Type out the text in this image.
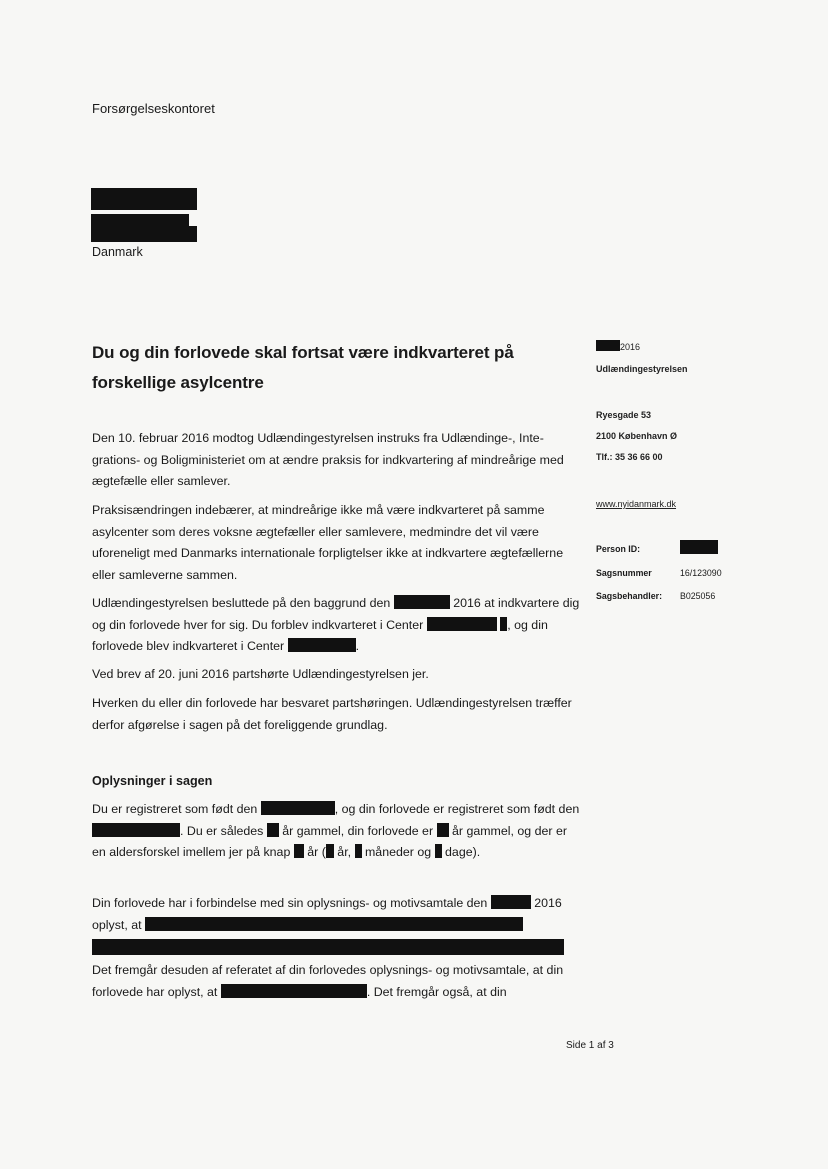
Forsørgelseskontoret
Danmark
Du og din forlovede skal fortsat være indkvarteret på forskellige asylcentre
2016
Udlændingestyrelsen
Ryesgade 53
2100 København Ø
Tlf.: 35 36 66 00
www.nyidanmark.dk
Person ID:
Sagsnummer	16/123090
Sagsbehandler: B025056

Den 10. februar 2016 modtog Udlændingestyrelsen instruks fra Udlændinge-, Integrations- og Boligministeriet om at ændre praksis for indkvartering af mindreårige med ægtefælle eller samlever.

Praksisændringen indebærer, at mindreårige ikke må være indkvarteret på samme asylcenter som deres voksne ægtefæller eller samlevere, medmindre det vil være uforeneligt med Danmarks internationale forpligtelser ikke at indkvartere ægtefællerne eller samleverne sammen.

Udlændingestyrelsen besluttede på den baggrund den	2016 at indkvartere dig og din forlovede hver for sig. Du forblev indkvarteret i Center	, og din forlovede blev indkvarteret i Center	.

Ved brev af 20. juni 2016 partshørte Udlændingestyrelsen jer.

Hverken du eller din forlovede har besvaret partshøringen. Udlændingestyrelsen træffer derfor afgørelse i sagen på det foreliggende grundlag.

Oplysninger i sagen

Du er registreret som født den	, og din forlovede er registreret som født den . Du er således år gammel, din forlovede er år gammel, og der er en aldersforskel imellem jer på knap år ( år, måneder og dage).

Din forlovede har i forbindelse med sin oplysnings- og motivsamtale den	2016 oplyst, at

Det fremgår desuden af referatet af din forlovedes oplysnings- og motivsamtale, at din forlovede har oplyst, at	. Det fremgår også, at din

Side 1 af 3
